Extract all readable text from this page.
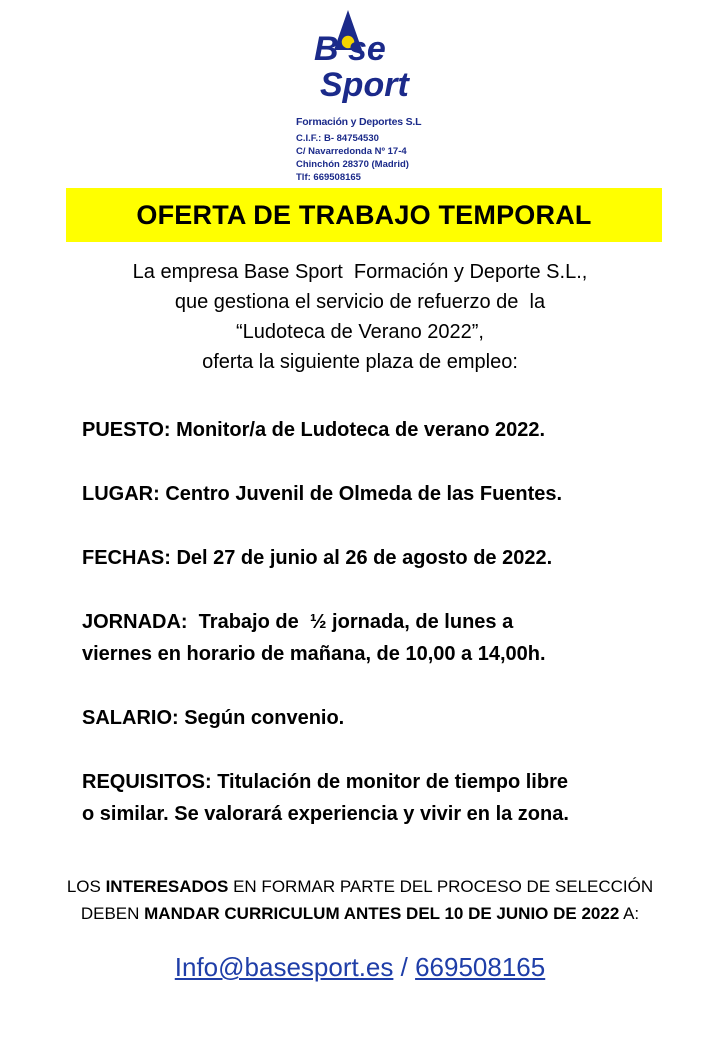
B se
Sport
Formación y Deportes S.L
C.I.F.: B- 84754530
C/ Navarredonda Nº 17-4
Chinchón 28370 (Madrid)
Tlf: 669508165
OFERTA DE TRABAJO TEMPORAL
La empresa Base Sport  Formación y Deporte S.L.,
que gestiona el servicio de refuerzo de  la
“Ludoteca de Verano 2022”,
oferta la siguiente plaza de empleo:
PUESTO: Monitor/a de Ludoteca de verano 2022.
LUGAR: Centro Juvenil de Olmeda de las Fuentes.
FECHAS: Del 27 de junio al 26 de agosto de 2022.
JORNADA:  Trabajo de  ½ jornada, de lunes a
viernes en horario de mañana, de 10,00 a 14,00h.
SALARIO: Según convenio.
REQUISITOS: Titulación de monitor de tiempo libre
o similar. Se valorará experiencia y vivir en la zona.
LOS INTERESADOS EN FORMAR PARTE DEL PROCESO DE SELECCIÓN
DEBEN MANDAR CURRICULUM ANTES DEL 10 DE JUNIO DE 2022 A:
Info@basesport.es / 669508165
